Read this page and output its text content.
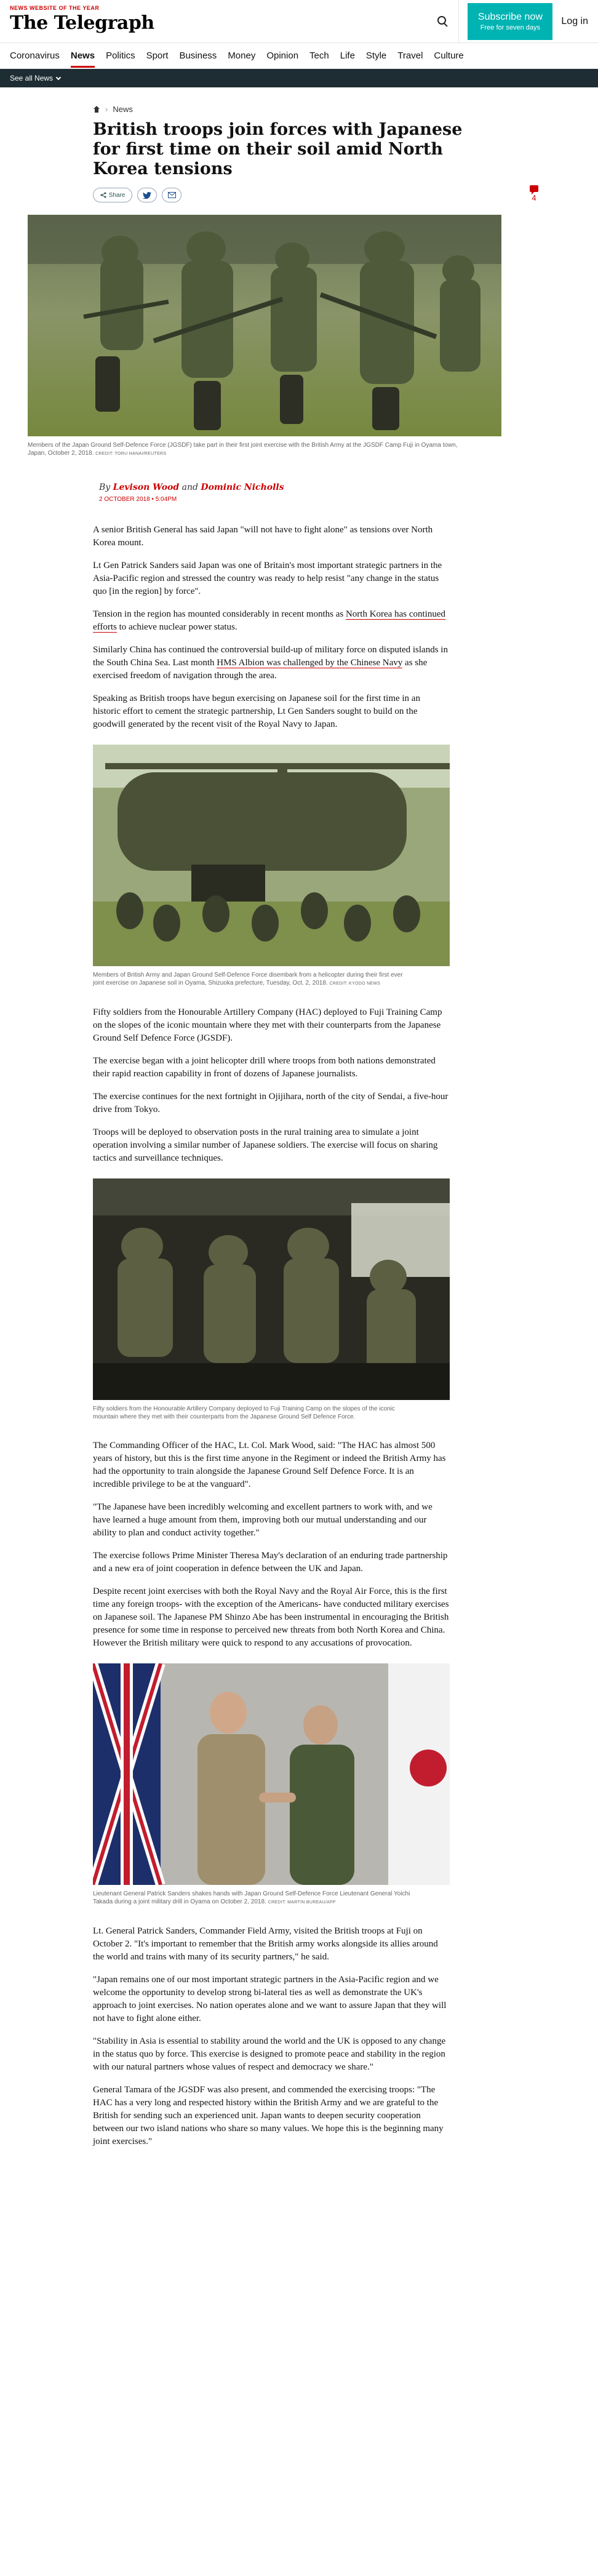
NEWS WEBSITE OF THE YEAR
The Telegraph	Subscribe now
Free for seven days
Log in
Coronavirus News Politics Sport Business Money Opinion Tech Life Style Travel Culture
See all News
› News
British troops join forces with Japanese for first time on their soil amid North Korea tensions
Share	4
Members of the Japan Ground Self-Defence Force (JGSDF) take part in their first joint exercise with the British Army at the JGSDF Camp Fuji in Oyama town, Japan, October 2, 2018. CREDIT: TORU HANAI/REUTERS
By Levison Wood and Dominic Nicholls
2 OCTOBER 2018 • 5:04PM

A senior British General has said Japan "will not have to fight alone" as tensions over North Korea mount.

Lt Gen Patrick Sanders said Japan was one of Britain's most important strategic partners in the Asia-Pacific region and stressed the country was ready to help resist "any change in the status quo [in the region] by force".

Tension in the region has mounted considerably in recent months as North Korea has continued efforts to achieve nuclear power status.

Similarly China has continued the controversial build-up of military force on disputed islands in the South China Sea. Last month HMS Albion was challenged by the Chinese Navy as she exercised freedom of navigation through the area.

Speaking as British troops have begun exercising on Japanese soil for the first time in an historic effort to cement the strategic partnership, Lt Gen Sanders sought to build on the goodwill generated by the recent visit of the Royal Navy to Japan.

Members of British Army and Japan Ground Self-Defence Force disembark from a helicopter during their first ever joint exercise on Japanese soil in Oyama, Shizuoka prefecture, Tuesday, Oct. 2, 2018. CREDIT: KYODO NEWS

Fifty soldiers from the Honourable Artillery Company (HAC) deployed to Fuji Training Camp on the slopes of the iconic mountain where they met with their counterparts from the Japanese Ground Self Defence Force (JGSDF).

The exercise began with a joint helicopter drill where troops from both nations demonstrated their rapid reaction capability in front of dozens of Japanese journalists.

The exercise continues for the next fortnight in Ojijihara, north of the city of Sendai, a five-hour drive from Tokyo.

Troops will be deployed to observation posts in the rural training area to simulate a joint operation involving a similar number of Japanese soldiers. The exercise will focus on sharing tactics and surveillance techniques.

Fifty soldiers from the Honourable Artillery Company deployed to Fuji Training Camp on the slopes of the iconic mountain where they met with their counterparts from the Japanese Ground Self Defence Force.

The Commanding Officer of the HAC, Lt. Col. Mark Wood, said: "The HAC has almost 500 years of history, but this is the first time anyone in the Regiment or indeed the British Army has had the opportunity to train alongside the Japanese Ground Self Defence Force. It is an incredible privilege to be at the vanguard".

"The Japanese have been incredibly welcoming and excellent partners to work with, and we have learned a huge amount from them, improving both our mutual understanding and our ability to plan and conduct activity together."

The exercise follows Prime Minister Theresa May's declaration of an enduring trade partnership and a new era of joint cooperation in defence between the UK and Japan.

Despite recent joint exercises with both the Royal Navy and the Royal Air Force, this is the first time any foreign troops- with the exception of the Americans- have conducted military exercises on Japanese soil. The Japanese PM Shinzo Abe has been instrumental in encouraging the British presence for some time in response to perceived new threats from both North Korea and China. However the British military were quick to respond to any accusations of provocation.

Lieutenant General Patrick Sanders shakes hands with Japan Ground Self-Defence Force Lieutenant General Yoichi Takada during a joint military drill in Oyama on October 2, 2018. CREDIT: MARTIN BUREAU/AFP

Lt. General Patrick Sanders, Commander Field Army, visited the British troops at Fuji on October 2. "It's important to remember that the British army works alongside its allies around the world and trains with many of its security partners," he said.

"Japan remains one of our most important strategic partners in the Asia-Pacific region and we welcome the opportunity to develop strong bi-lateral ties as well as demonstrate the UK's approach to joint exercises. No nation operates alone and we want to assure Japan that they will not have to fight alone either.

"Stability in Asia is essential to stability around the world and the UK is opposed to any change in the status quo by force. This exercise is designed to promote peace and stability in the region with our natural partners whose values of respect and democracy we share."

General Tamara of the JGSDF was also present, and commended the exercising troops: "The HAC has a very long and respected history within the British Army and we are grateful to the British for sending such an experienced unit. Japan wants to deepen security cooperation between our two island nations who share so many values. We hope this is the beginning many joint exercises."
